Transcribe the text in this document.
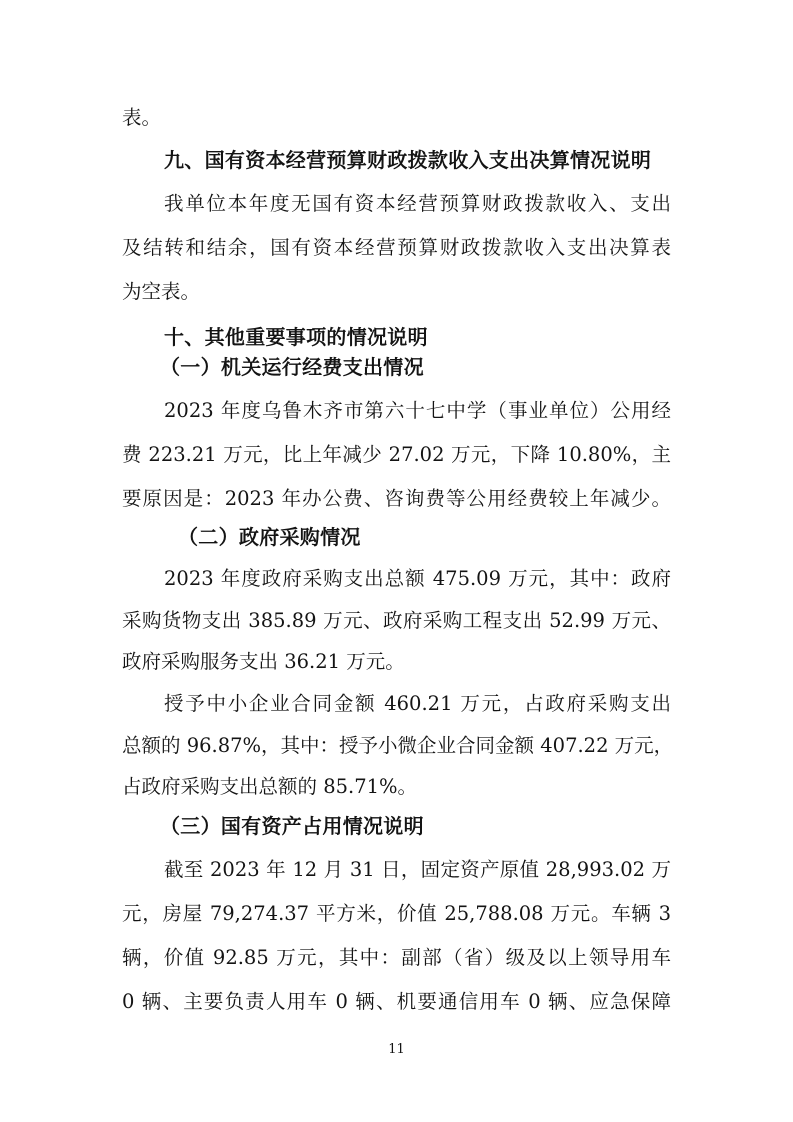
表。
九、国有资本经营预算财政拨款收入支出决算情况说明
我单位本年度无国有资本经营预算财政拨款收入、支出
及结转和结余，国有资本经营预算财政拨款收入支出决算表
为空表。
十、其他重要事项的情况说明
（一）机关运行经费支出情况
2023 年度乌鲁木齐市第六十七中学（事业单位）公用经
费 223.21 万元，比上年减少 27.02 万元，下降 10.80%，主
要原因是：2023 年办公费、咨询费等公用经费较上年减少。
（二）政府采购情况
2023 年度政府采购支出总额 475.09 万元，其中：政府
采购货物支出 385.89 万元、政府采购工程支出 52.99 万元、
政府采购服务支出 36.21 万元。
授予中小企业合同金额 460.21 万元，占政府采购支出
总额的 96.87%，其中：授予小微企业合同金额 407.22 万元，
占政府采购支出总额的 85.71%。
（三）国有资产占用情况说明
截至 2023 年 12 月 31 日，固定资产原值 28,993.02 万
元，房屋 79,274.37 平方米，价值 25,788.08 万元。车辆 3
辆，价值 92.85 万元，其中：副部（省）级及以上领导用车
0 辆、主要负责人用车 0 辆、机要通信用车 0 辆、应急保障
11
